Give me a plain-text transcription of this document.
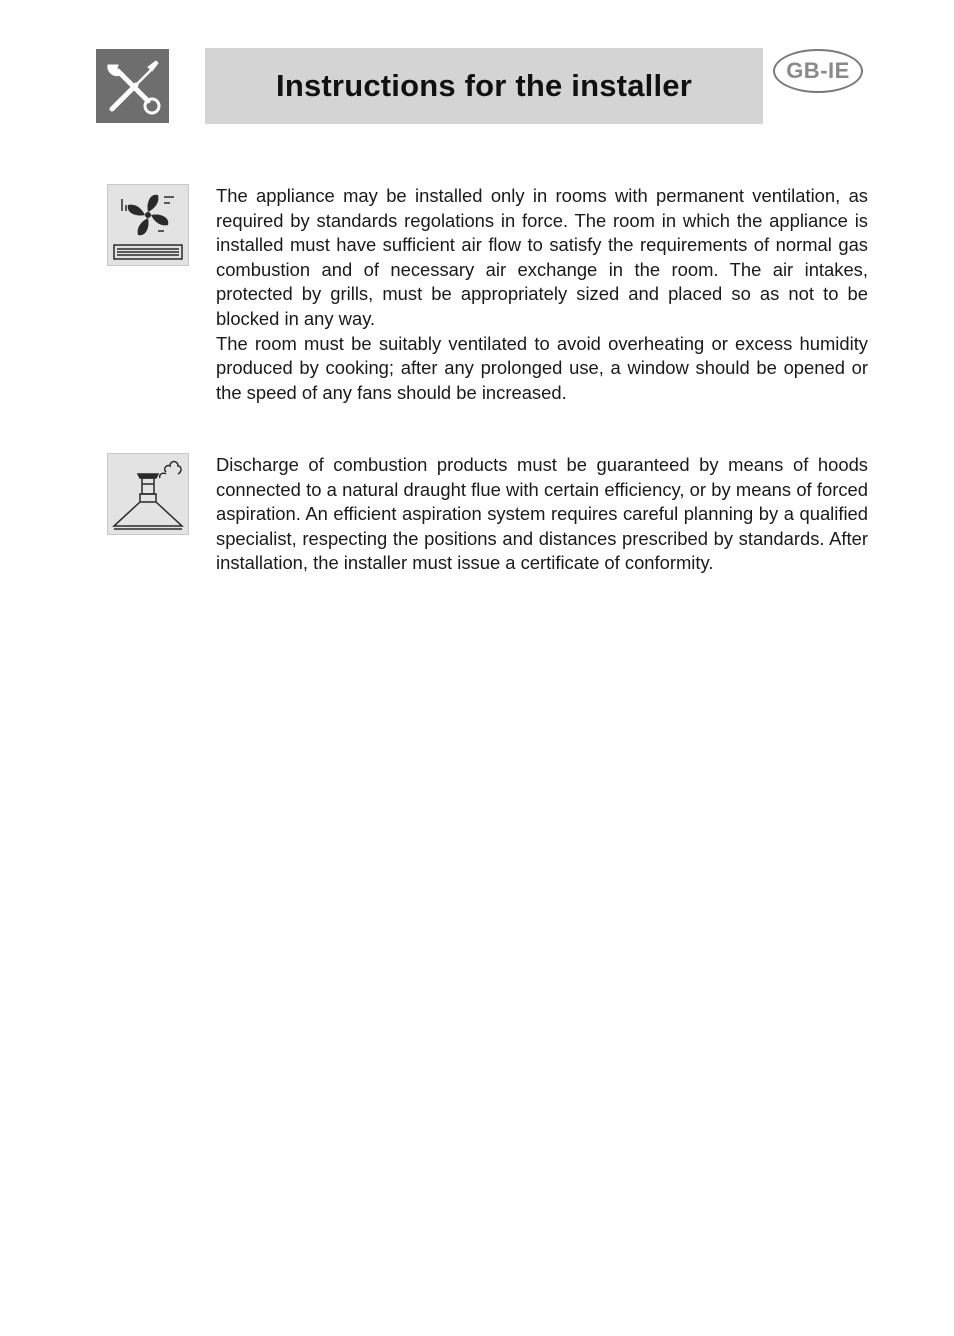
Instructions for the installer	GB-IE

The appliance may be installed only in rooms with permanent ventilation, as required by standards regolations in force. The room in which the appliance is installed must have sufficient air flow to satisfy the requirements of normal gas combustion and of necessary air exchange in the room. The air intakes, protected by grills, must be appropriately sized and placed so as not to be blocked in any way.

The room must be suitably ventilated to avoid overheating or excess humidity produced by cooking; after any prolonged use, a window should be opened or the speed of any fans should be increased.

Discharge of combustion products must be guaranteed by means of hoods connected to a natural draught flue with certain efficiency, or by means of forced aspiration. An efficient aspiration system requires careful planning by a qualified specialist, respecting the positions and distances prescribed by standards. After installation, the installer must issue a certificate of conformity.
